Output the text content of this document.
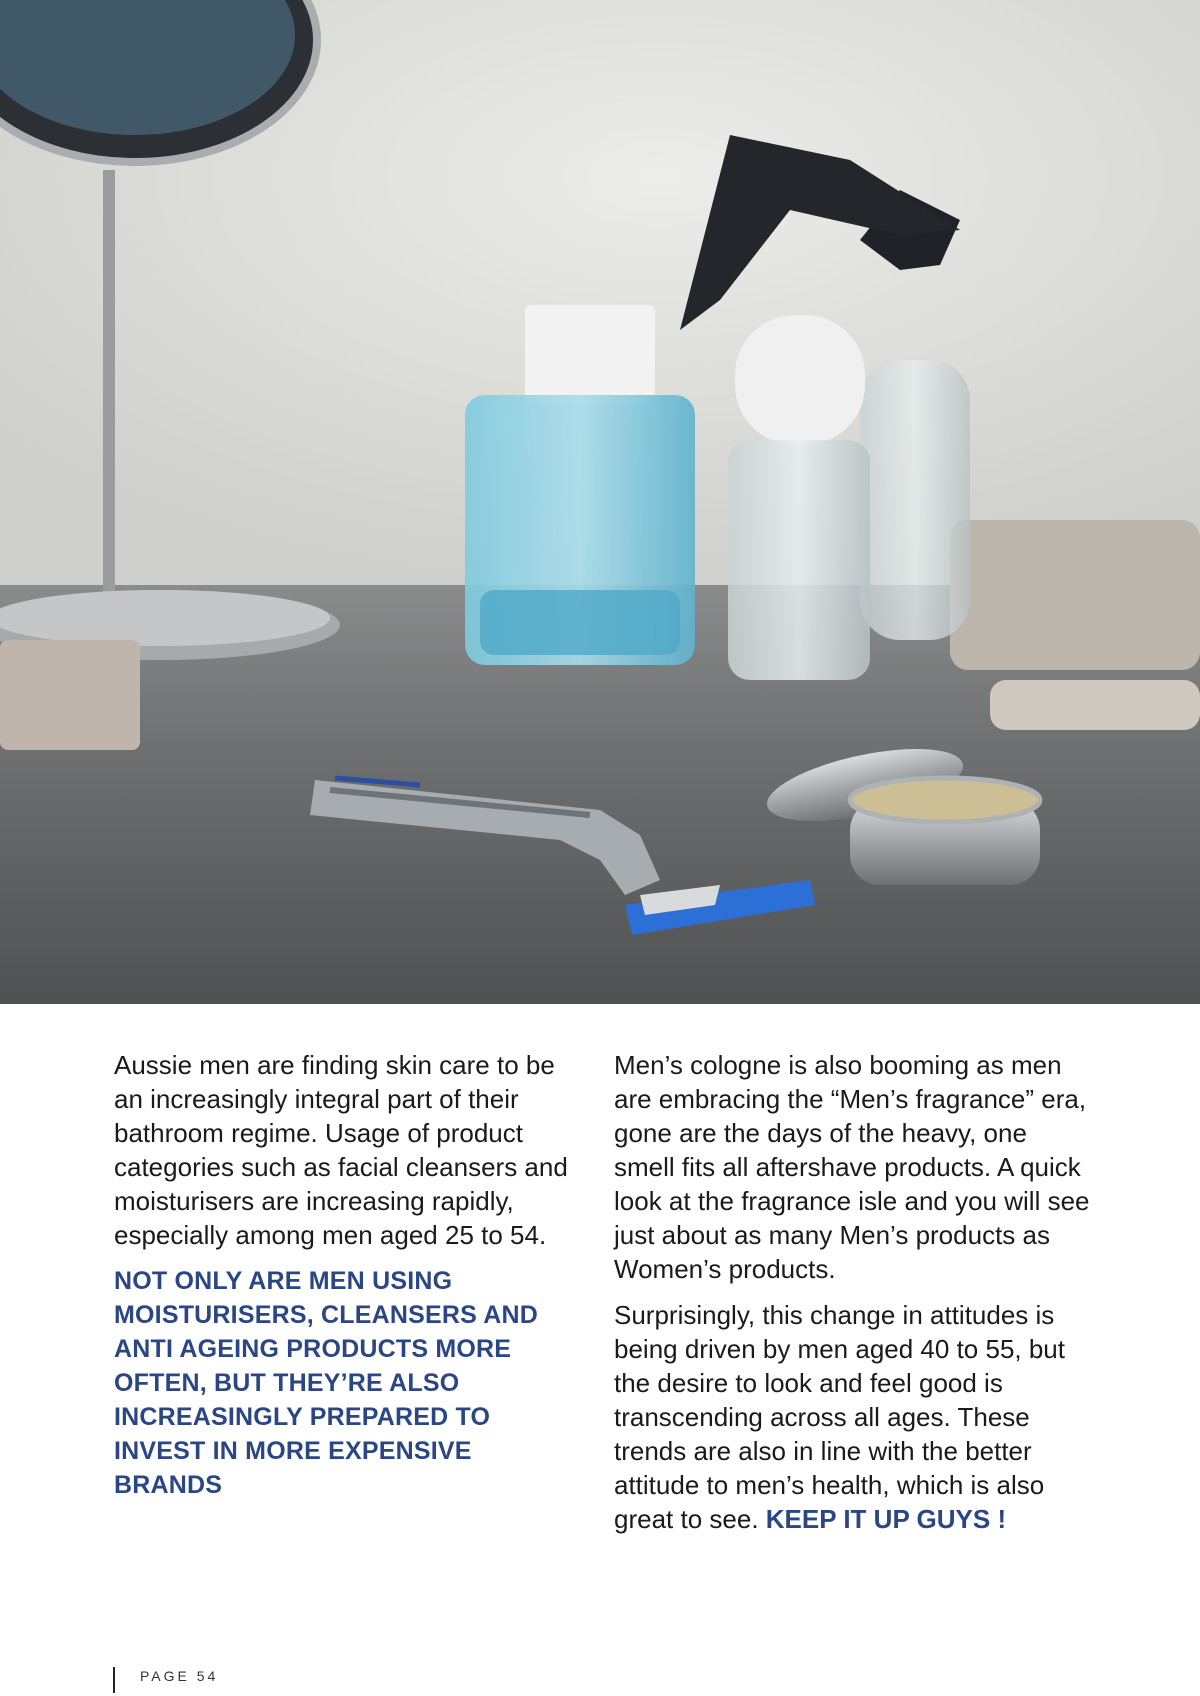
Aussie men are finding skin care to be an increasingly integral part of their bathroom regime. Usage of product categories such as facial cleansers and moisturisers are increasing rapidly, especially among men aged 25 to 54.

NOT ONLY ARE MEN USING MOISTURISERS, CLEANSERS AND ANTI AGEING PRODUCTS MORE OFTEN, BUT THEY’RE ALSO INCREASINGLY PREPARED TO INVEST IN MORE EXPENSIVE BRANDS

Men’s cologne is also booming as men are embracing the “Men’s fragrance” era, gone are the days of the heavy, one smell fits all aftershave products. A quick look at the fragrance isle and you will see just about as many Men’s products as Women’s products.

Surprisingly, this change in attitudes is being driven by men aged 40 to 55, but the desire to look and feel good is transcending across all ages. These trends are also in line with the better attitude to men’s health, which is also great to see. KEEP IT UP GUYS !

PAGE 54
